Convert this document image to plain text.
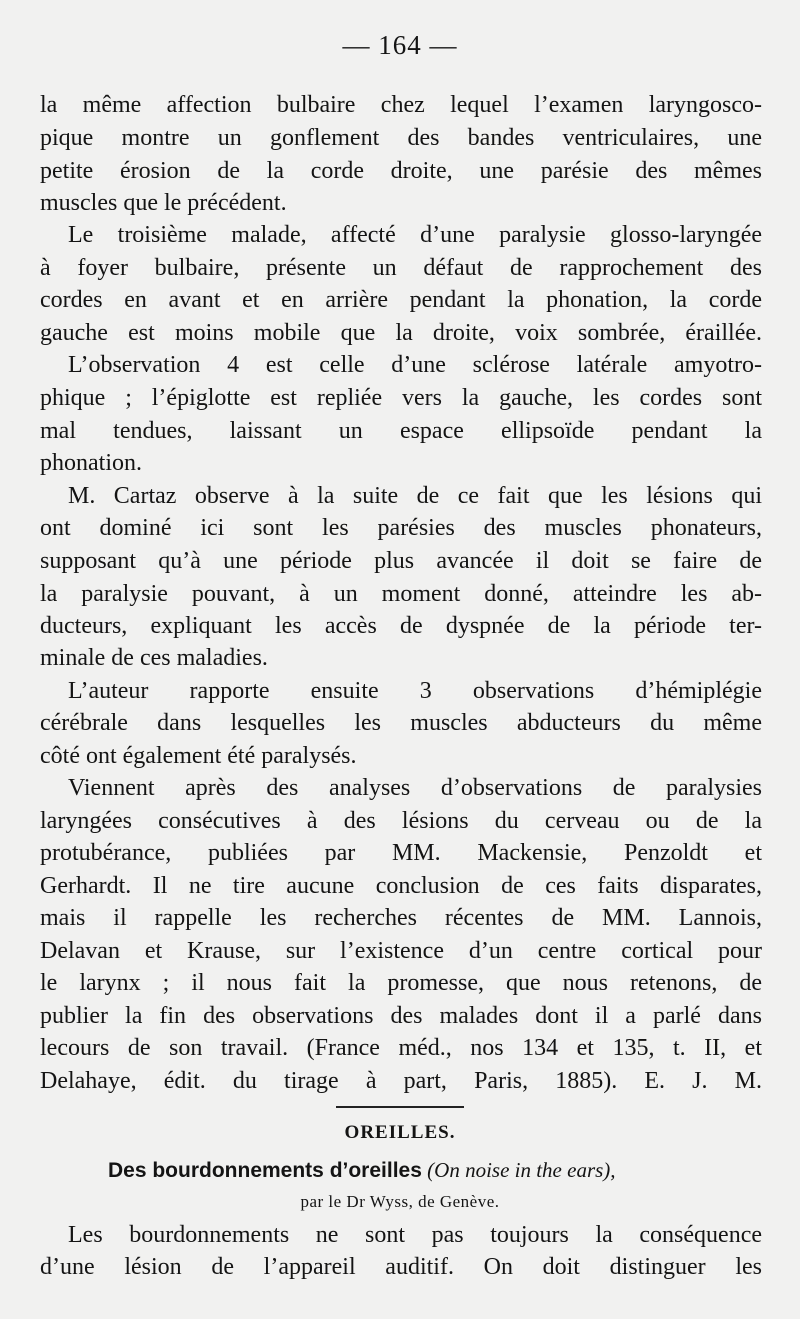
— 164 —
la même affection bulbaire chez lequel l’examen laryngosco-
pique montre un gonflement des bandes ventriculaires, une
petite érosion de la corde droite, une parésie des mêmes
muscles que le précédent.
Le troisième malade, affecté d’une paralysie glosso-laryngée
à foyer bulbaire, présente un défaut de rapprochement des
cordes en avant et en arrière pendant la phonation, la corde
gauche est moins mobile que la droite, voix sombrée, éraillée.
L’observation 4 est celle d’une sclérose latérale amyotro-
phique ; l’épiglotte est repliée vers la gauche, les cordes sont
mal tendues, laissant un espace ellipsoïde pendant la
phonation.
M. Cartaz observe à la suite de ce fait que les lésions qui
ont dominé ici sont les parésies des muscles phonateurs,
supposant qu’à une période plus avancée il doit se faire de
la paralysie pouvant, à un moment donné, atteindre les ab-
ducteurs, expliquant les accès de dyspnée de la période ter-
minale de ces maladies.
L’auteur rapporte ensuite 3 observations d’hémiplégie
cérébrale dans lesquelles les muscles abducteurs du même
côté ont également été paralysés.
Viennent après des analyses d’observations de paralysies
laryngées consécutives à des lésions du cerveau ou de la
protubérance, publiées par MM. Mackensie, Penzoldt et
Gerhardt. Il ne tire aucune conclusion de ces faits disparates,
mais il rappelle les recherches récentes de MM. Lannois,
Delavan et Krause, sur l’existence d’un centre cortical pour
le larynx ; il nous fait la promesse, que nous retenons, de
publier la fin des observations des malades dont il a parlé dans
lecours de son travail. (France méd., nos 134 et 135, t. II, et
Delahaye, édit. du tirage à part, Paris, 1885). E. J. M.
OREILLES.
Des bourdonnements d’oreilles (On noise in the ears),
par le Dr Wyss, de Genève.
Les bourdonnements ne sont pas toujours la conséquence
d’une lésion de l’appareil auditif. On doit distinguer les
